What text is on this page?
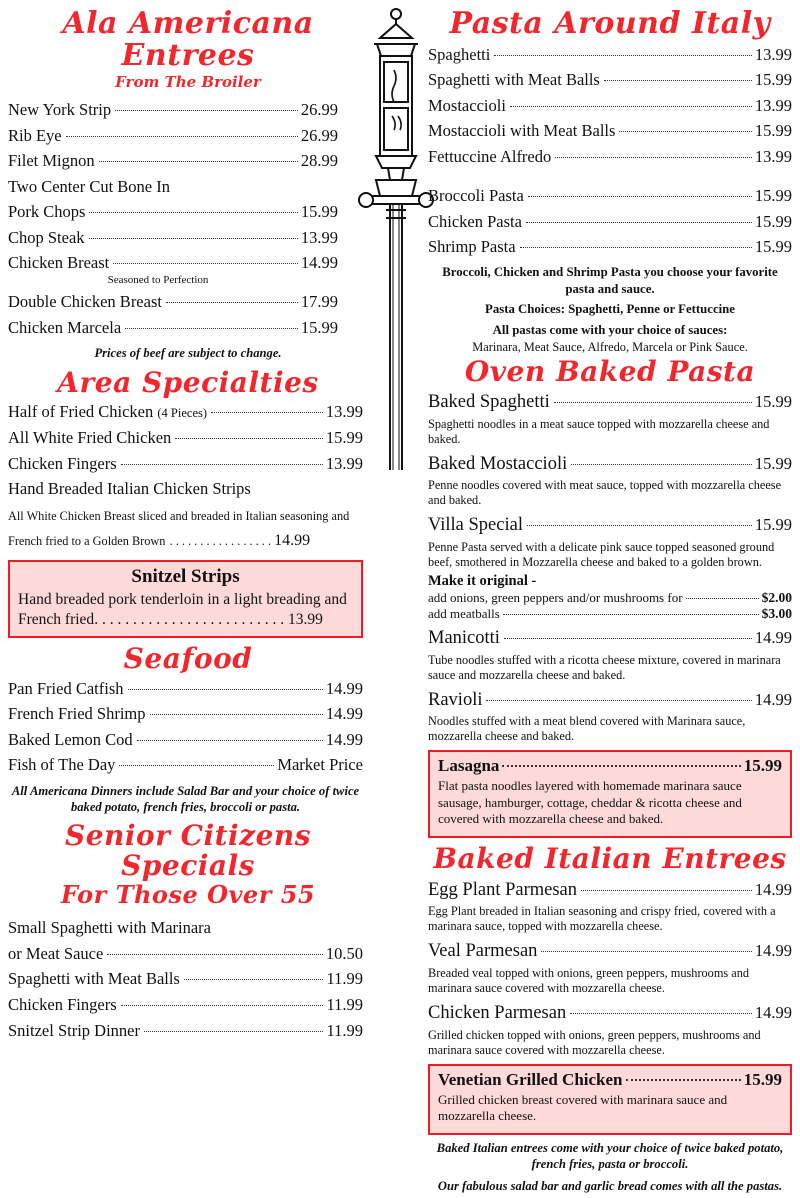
Ala Americana Entrees
From The Broiler
New York Strip	26.99
Rib Eye	26.99
Filet Mignon	28.99
Two Center Cut Bone In
Pork Chops	15.99
Chop Steak	13.99
Chicken Breast	14.99
Seasoned to Perfection
Double Chicken Breast	17.99
Chicken Marcela	15.99
Prices of beef are subject to change.
Area Specialties
Half of Fried Chicken (4 Pieces)	13.99
All White Fried Chicken	15.99
Chicken Fingers	13.99
Hand Breaded Italian Chicken Strips
All White Chicken Breast sliced and breaded in Italian seasoning and French fried to a Golden Brown . . . . . . . . . . . . . . . . . 14.99
Snitzel Strips
Hand breaded pork tenderloin in a light breading and French fried. . . . . . . . . . . . . . . . . . . . . . . . . 13.99
Seafood
Pan Fried Catfish	14.99
French Fried Shrimp	14.99
Baked Lemon Cod	14.99
Fish of The Day	Market Price
All Americana Dinners include Salad Bar and your choice of twice baked potato, french fries, broccoli or pasta.
Senior Citizens Specials
For Those Over 55
Small Spaghetti with Marinara
or Meat Sauce	10.50
Spaghetti with Meat Balls	11.99
Chicken Fingers	11.99
Snitzel Strip Dinner	11.99
Pasta Around Italy
Spaghetti	13.99
Spaghetti with Meat Balls	15.99
Mostaccioli	13.99
Mostaccioli with Meat Balls	15.99
Fettuccine Alfredo	13.99
Broccoli Pasta	15.99
Chicken Pasta	15.99
Shrimp Pasta	15.99
Broccoli, Chicken and Shrimp Pasta you choose your favorite pasta and sauce.
Pasta Choices: Spaghetti, Penne or Fettuccine
All pastas come with your choice of sauces:
Marinara, Meat Sauce, Alfredo, Marcela or Pink Sauce.
Oven Baked Pasta
Baked Spaghetti	15.99
Spaghetti noodles in a meat sauce topped with mozzarella cheese and baked.
Baked Mostaccioli	15.99
Penne noodles covered with meat sauce, topped with mozzarella cheese and baked.
Villa Special	15.99
Penne Pasta served with a delicate pink sauce topped seasoned ground beef, smothered in Mozzarella cheese and baked to a golden brown.
Make it original -
add onions, green peppers and/or mushrooms for	$2.00
add meatballs	$3.00
Manicotti	14.99
Tube noodles stuffed with a ricotta cheese mixture, covered in marinara sauce and mozzarella cheese and baked.
Ravioli	14.99
Noodles stuffed with a meat blend covered with Marinara sauce, mozzarella cheese and baked.
Lasagna	15.99
Flat pasta noodles layered with homemade marinara sauce sausage, hamburger, cottage, cheddar & ricotta cheese and covered with mozzarella cheese and baked.
Baked Italian Entrees
Egg Plant Parmesan	14.99
Egg Plant breaded in Italian seasoning and crispy fried, covered with a marinara sauce, topped with mozzarella cheese.
Veal Parmesan	14.99
Breaded veal topped with onions, green peppers, mushrooms and marinara sauce covered with mozzarella cheese.
Chicken Parmesan	14.99
Grilled chicken topped with onions, green peppers, mushrooms and marinara sauce covered with mozzarella cheese.
Venetian Grilled Chicken	15.99
Grilled chicken breast covered with marinara sauce and mozzarella cheese.
Baked Italian entrees come with your choice of twice baked potato, french fries, pasta or broccoli.
Our fabulous salad bar and garlic bread comes with all the pastas.
